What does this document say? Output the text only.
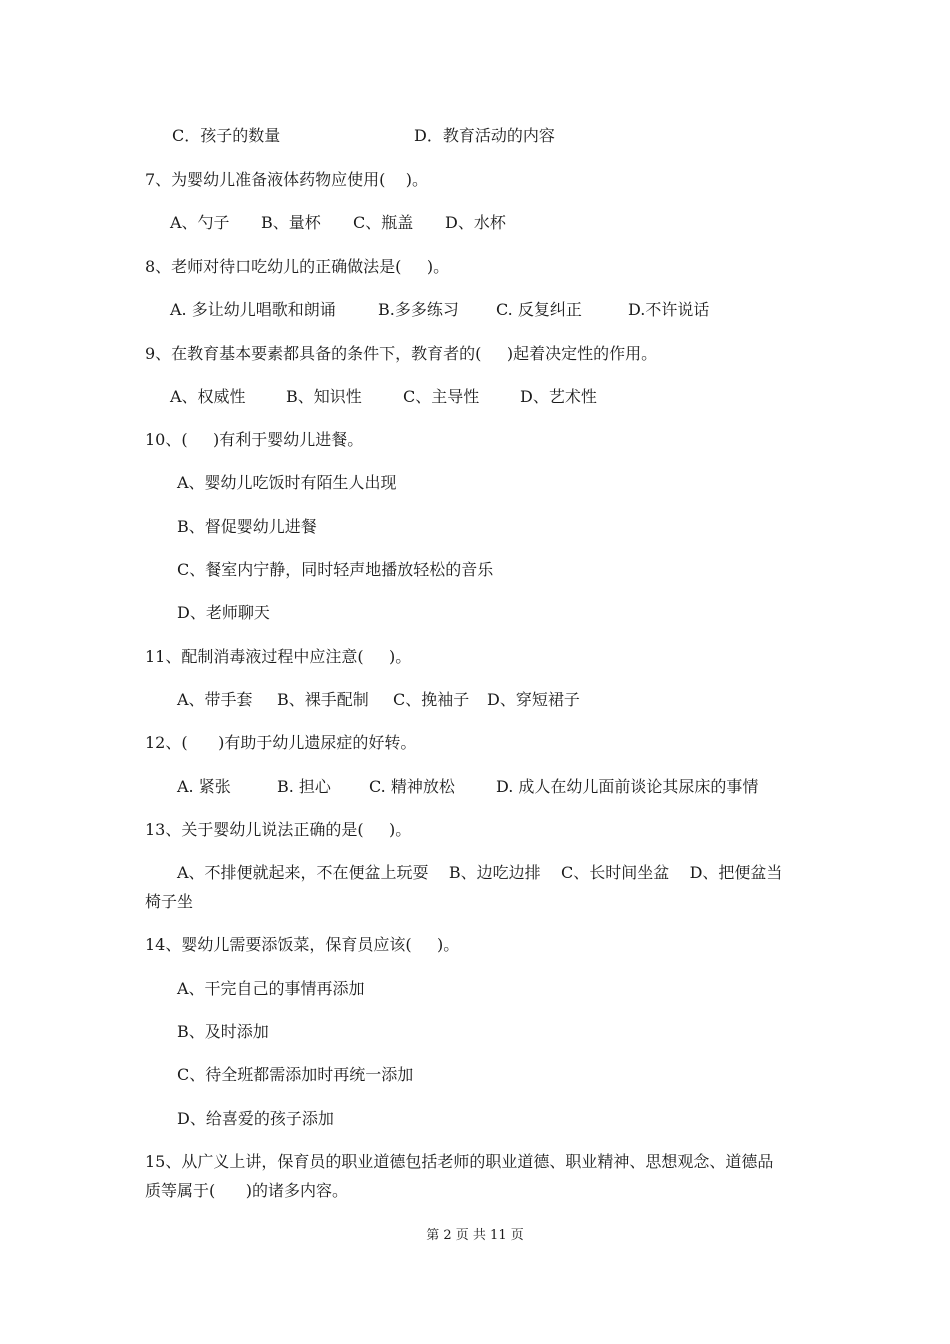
C．孩子的数量	D．教育活动的内容
7、为婴幼儿准备液体药物应使用(    )。
A、勺子 B、量杯 C、瓶盖 D、水杯
8、老师对待口吃幼儿的正确做法是(     )。
A. 多让幼儿唱歌和朗诵	B.多多练习 C. 反复纠正	D.不许说话
9、在教育基本要素都具备的条件下，教育者的(     )起着决定性的作用。
A、权威性	B、知识性	C、主导性	D、艺术性
10、(     )有利于婴幼儿进餐。
A、婴幼儿吃饭时有陌生人出现
B、督促婴幼儿进餐
C、餐室内宁静，同时轻声地播放轻松的音乐
D、老师聊天
11、配制消毒液过程中应注意(     )。
A、带手套 B、裸手配制 C、挽袖子 D、穿短裙子
12、(      )有助于幼儿遗尿症的好转。
A. 紧张	B. 担心 C. 精神放松	D. 成人在幼儿面前谈论其尿床的事情
13、关于婴幼儿说法正确的是(     )。
A、不排便就起来，不在便盆上玩耍    B、边吃边排    C、长时间坐盆    D、把便盆当
椅子坐
14、婴幼儿需要添饭菜，保育员应该(     )。
A、干完自己的事情再添加
B、及时添加
C、待全班都需添加时再统一添加
D、给喜爱的孩子添加
15、从广义上讲，保育员的职业道德包括老师的职业道德、职业精神、思想观念、道德品
质等属于(      )的诸多内容。
第 2 页 共 11 页
